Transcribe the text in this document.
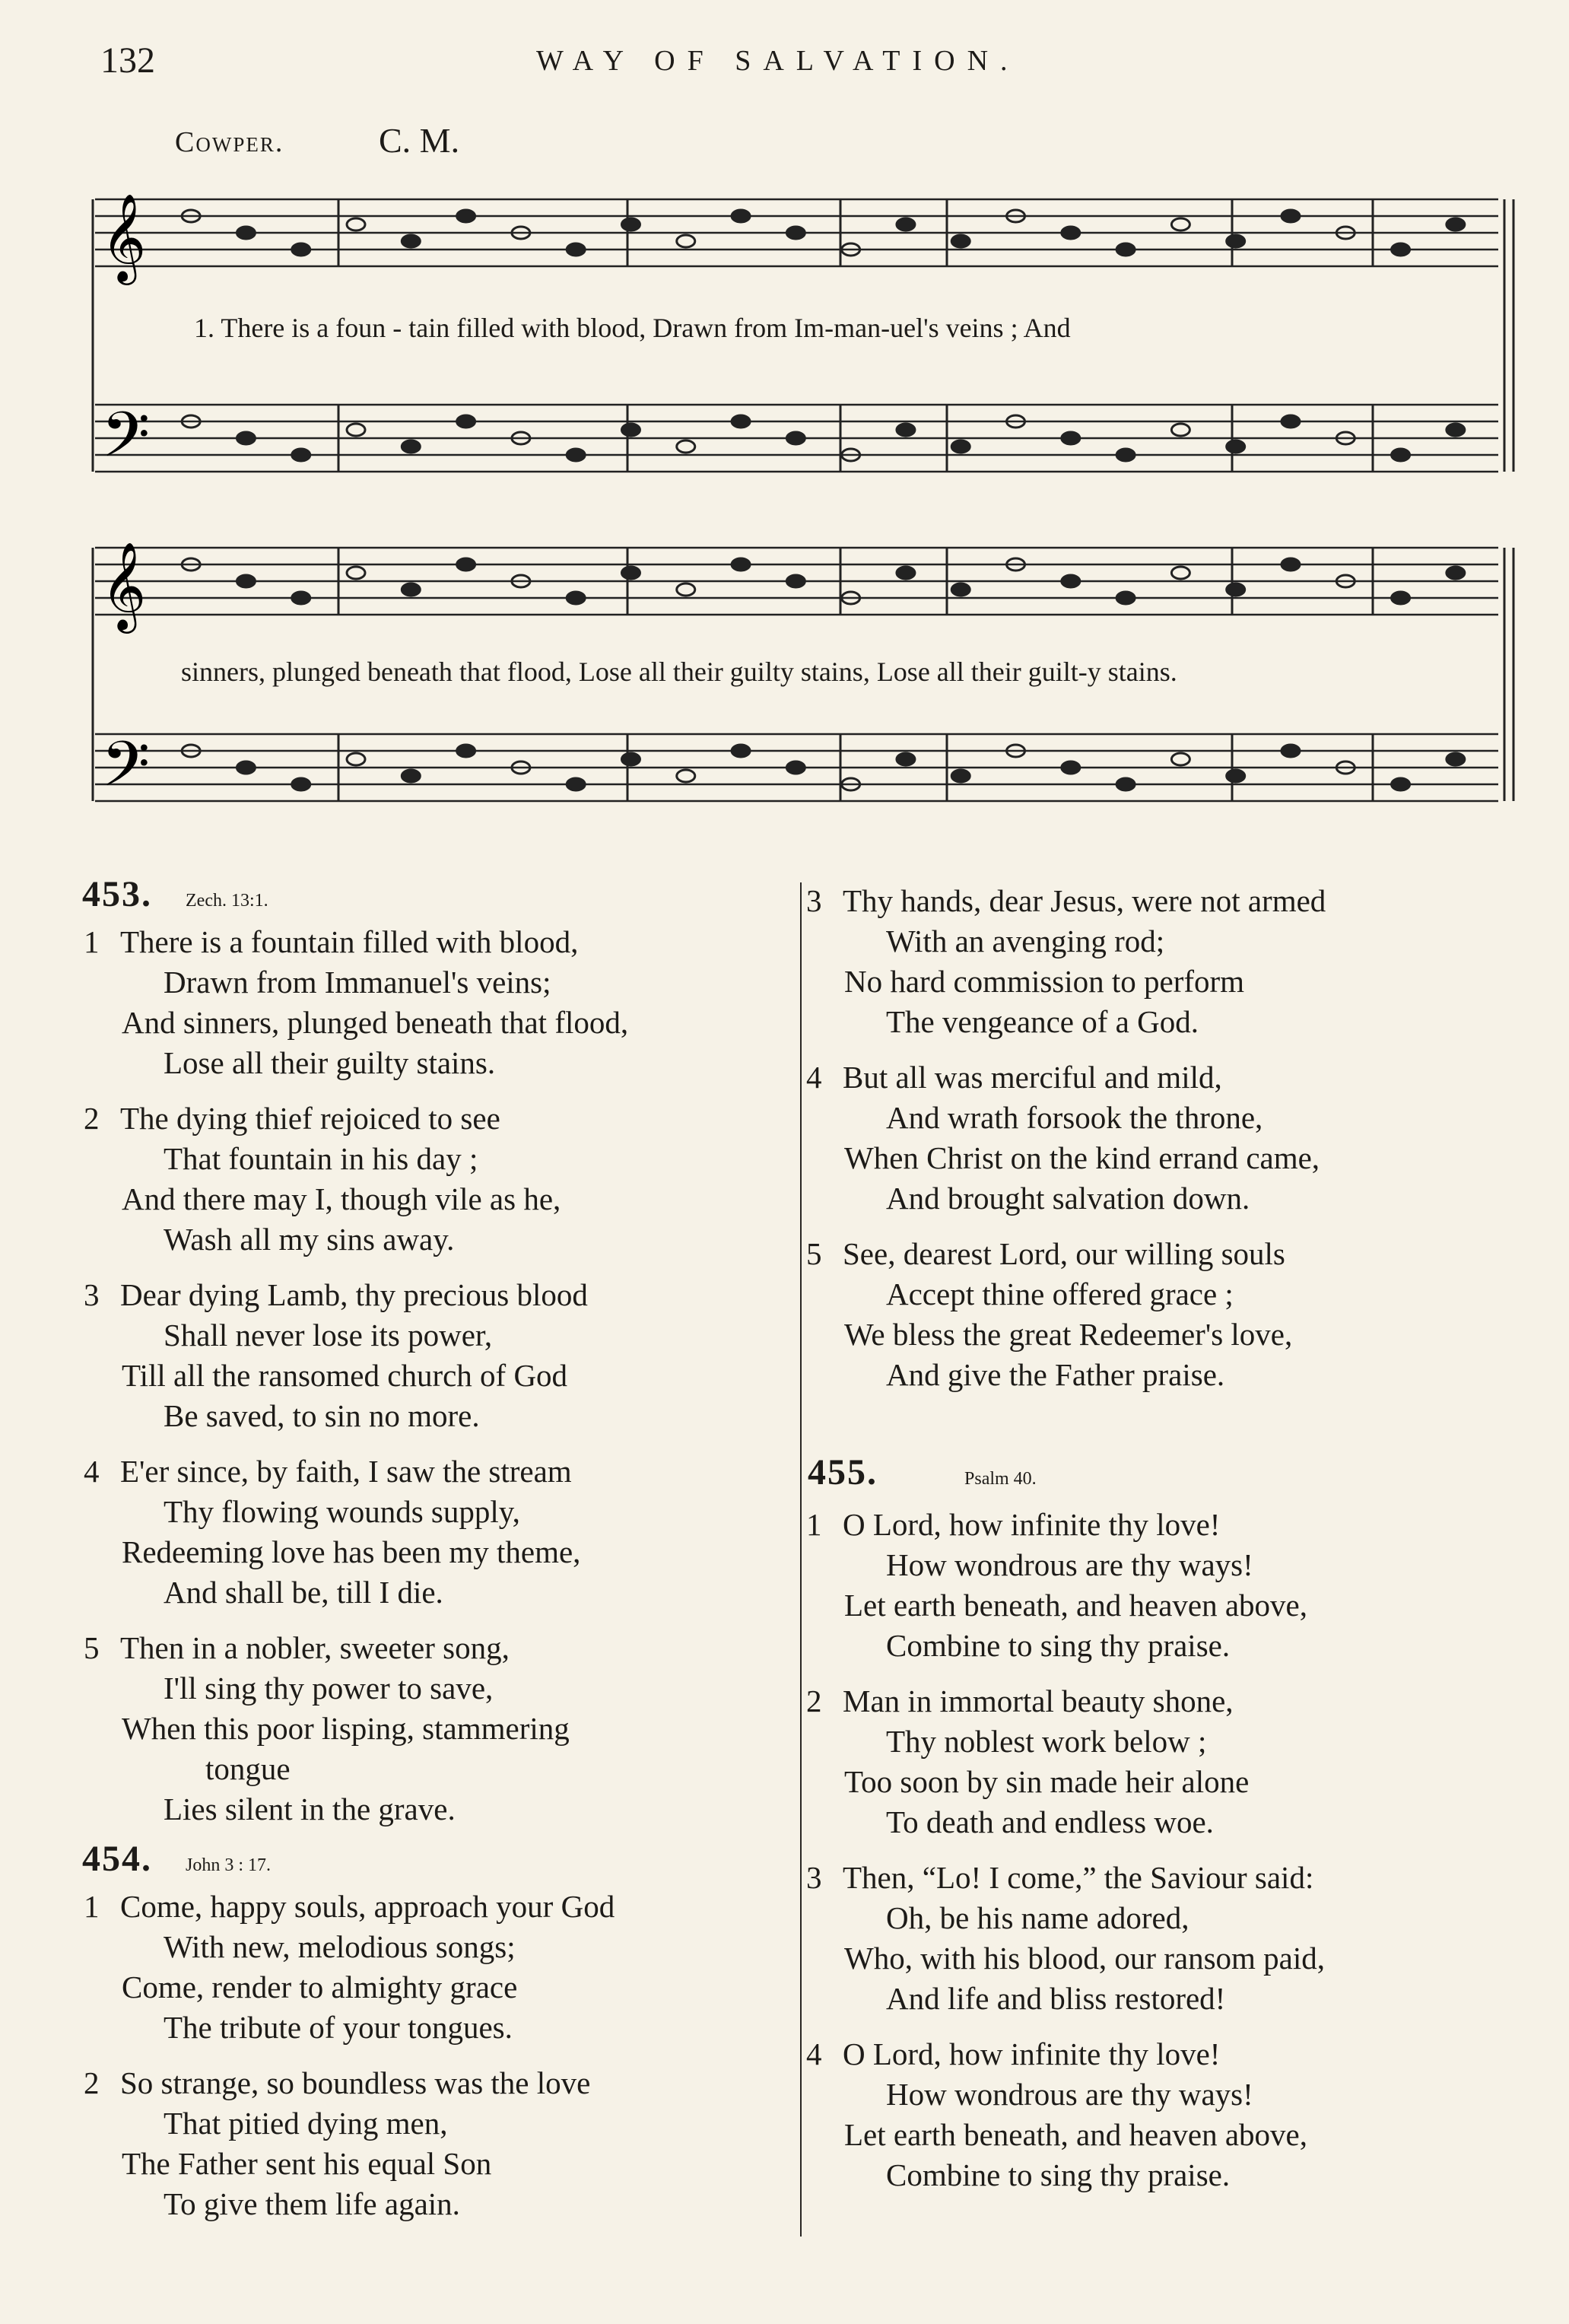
132	WAY OF SALVATION.
Cowper.	C. M.
𝄞
𝄢
𝄞
𝄢
1. There is a foun - tain filled with blood, Drawn from Im-man-uel's veins ; And
sinners, plunged beneath that flood, Lose all their guilty stains, Lose all their guilt-y stains.
453. Zech. 13:1.
1 There is a fountain filled with blood,
Drawn from Immanuel's veins;
And sinners, plunged beneath that flood,
Lose all their guilty stains.
2 The dying thief rejoiced to see
That fountain in his day ;
And there may I, though vile as he,
Wash all my sins away.
3 Dear dying Lamb, thy precious blood
Shall never lose its power,
Till all the ransomed church of God
Be saved, to sin no more.
4 E'er since, by faith, I saw the stream
Thy flowing wounds supply,
Redeeming love has been my theme,
And shall be, till I die.
5 Then in a nobler, sweeter song,
I'll sing thy power to save,
When this poor lisping, stammering
tongue
Lies silent in the grave.
454. John 3 : 17.
1 Come, happy souls, approach your God
With new, melodious songs;
Come, render to almighty grace
The tribute of your tongues.
2 So strange, so boundless was the love
That pitied dying men,
The Father sent his equal Son
To give them life again.
3 Thy hands, dear Jesus, were not armed
With an avenging rod;
No hard commission to perform
The vengeance of a God.
4 But all was merciful and mild,
And wrath forsook the throne,
When Christ on the kind errand came,
And brought salvation down.
5 See, dearest Lord, our willing souls
Accept thine offered grace ;
We bless the great Redeemer's love,
And give the Father praise.
455.	Psalm 40.
1 O Lord, how infinite thy love!
How wondrous are thy ways!
Let earth beneath, and heaven above,
Combine to sing thy praise.
2 Man in immortal beauty shone,
Thy noblest work below ;
Too soon by sin made heir alone
To death and endless woe.
3 Then, “Lo! I come,” the Saviour said:
Oh, be his name adored,
Who, with his blood, our ransom paid,
And life and bliss restored!
4 O Lord, how infinite thy love!
How wondrous are thy ways!
Let earth beneath, and heaven above,
Combine to sing thy praise.
